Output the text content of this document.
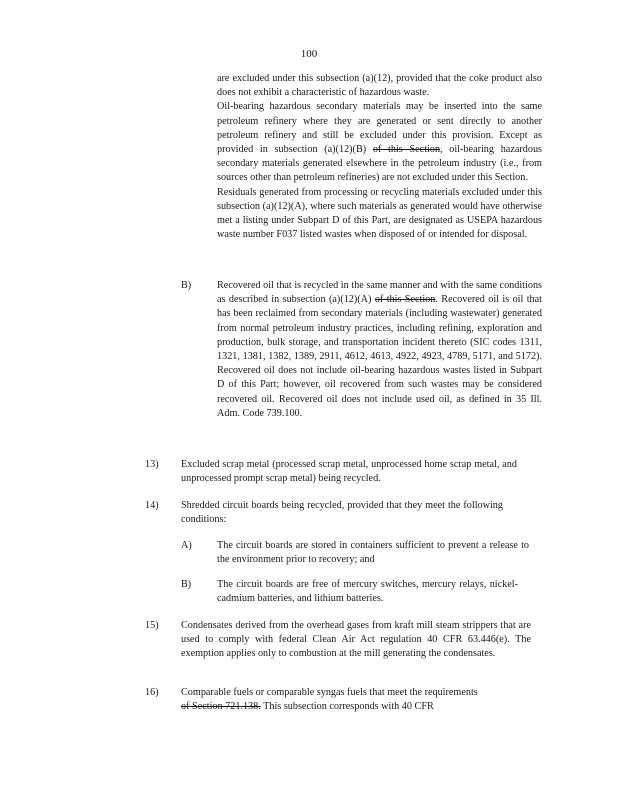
100

are excluded under this subsection (a)(12), provided that the coke product also does not exhibit a characteristic of hazardous waste.

Oil-bearing hazardous secondary materials may be inserted into the same petroleum refinery where they are generated or sent directly to another petroleum refinery and still be excluded under this provision. Except as provided in subsection (a)(12)(B) of this Section, oil-bearing hazardous secondary materials generated elsewhere in the petroleum industry (i.e., from sources other than petroleum refineries) are not excluded under this Section.

Residuals generated from processing or recycling materials excluded under this subsection (a)(12)(A), where such materials as generated would have otherwise met a listing under Subpart D of this Part, are designated as USEPA hazardous waste number F037 listed wastes when disposed of or intended for disposal.

B)	Recovered oil that is recycled in the same manner and with the same conditions as described in subsection (a)(12)(A) of this Section. Recovered oil is oil that has been reclaimed from secondary materials (including wastewater) generated from normal petroleum industry practices, including refining, exploration and production, bulk storage, and transportation incident thereto (SIC codes 1311, 1321, 1381, 1382, 1389, 2911, 4612, 4613, 4922, 4923, 4789, 5171, and 5172). Recovered oil does not include oil-bearing hazardous wastes listed in Subpart D of this Part; however, oil recovered from such wastes may be considered recovered oil. Recovered oil does not include used oil, as defined in 35 Ill. Adm. Code 739.100.
13) Excluded scrap metal (processed scrap metal, unprocessed home scrap metal, and unprocessed prompt scrap metal) being recycled.
14) Shredded circuit boards being recycled, provided that they meet the following conditions:
A) The circuit boards are stored in containers sufficient to prevent a release to the environment prior to recovery; and
B)	The circuit boards are free of mercury switches, mercury relays, nickel-cadmium batteries, and lithium batteries.
15) Condensates derived from the overhead gases from kraft mill steam strippers that are used to comply with federal Clean Air Act regulation 40 CFR 63.446(e). The exemption applies only to combustion at the mill generating the condensates.
16) Comparable fuels or comparable syngas fuels that meet the requirements
of Section 721.138. This subsection corresponds with 40 CFR
